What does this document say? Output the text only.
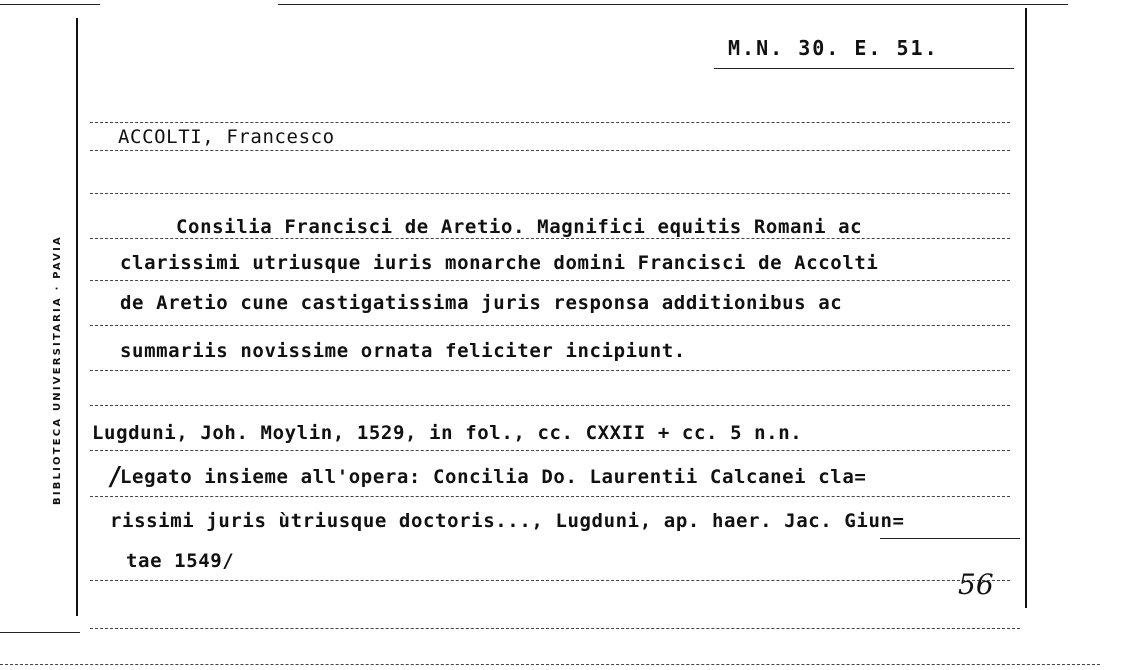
M.N. 30. E. 51.
BIBLIOTECA UNIVERSITARIA · PAVIA
ACCOLTI, Francesco
Consilia Francisci de Aretio. Magnifici equitis Romani ac
clarissimi utriusque iuris monarche domini Francisci de Accolti
de Aretio cune castigatissima juris responsa additionibus ac
summariis novissime ornata feliciter incipiunt.
Lugduni, Joh. Moylin, 1529, in fol., cc. CXXII + cc. 5 n.n.
/
Legato insieme all'opera: Concilia Do. Laurentii Calcanei cla=
rissimi juris ùtriusque doctoris..., Lugduni, ap. haer. Jac. Giun=
tae 1549/
56
